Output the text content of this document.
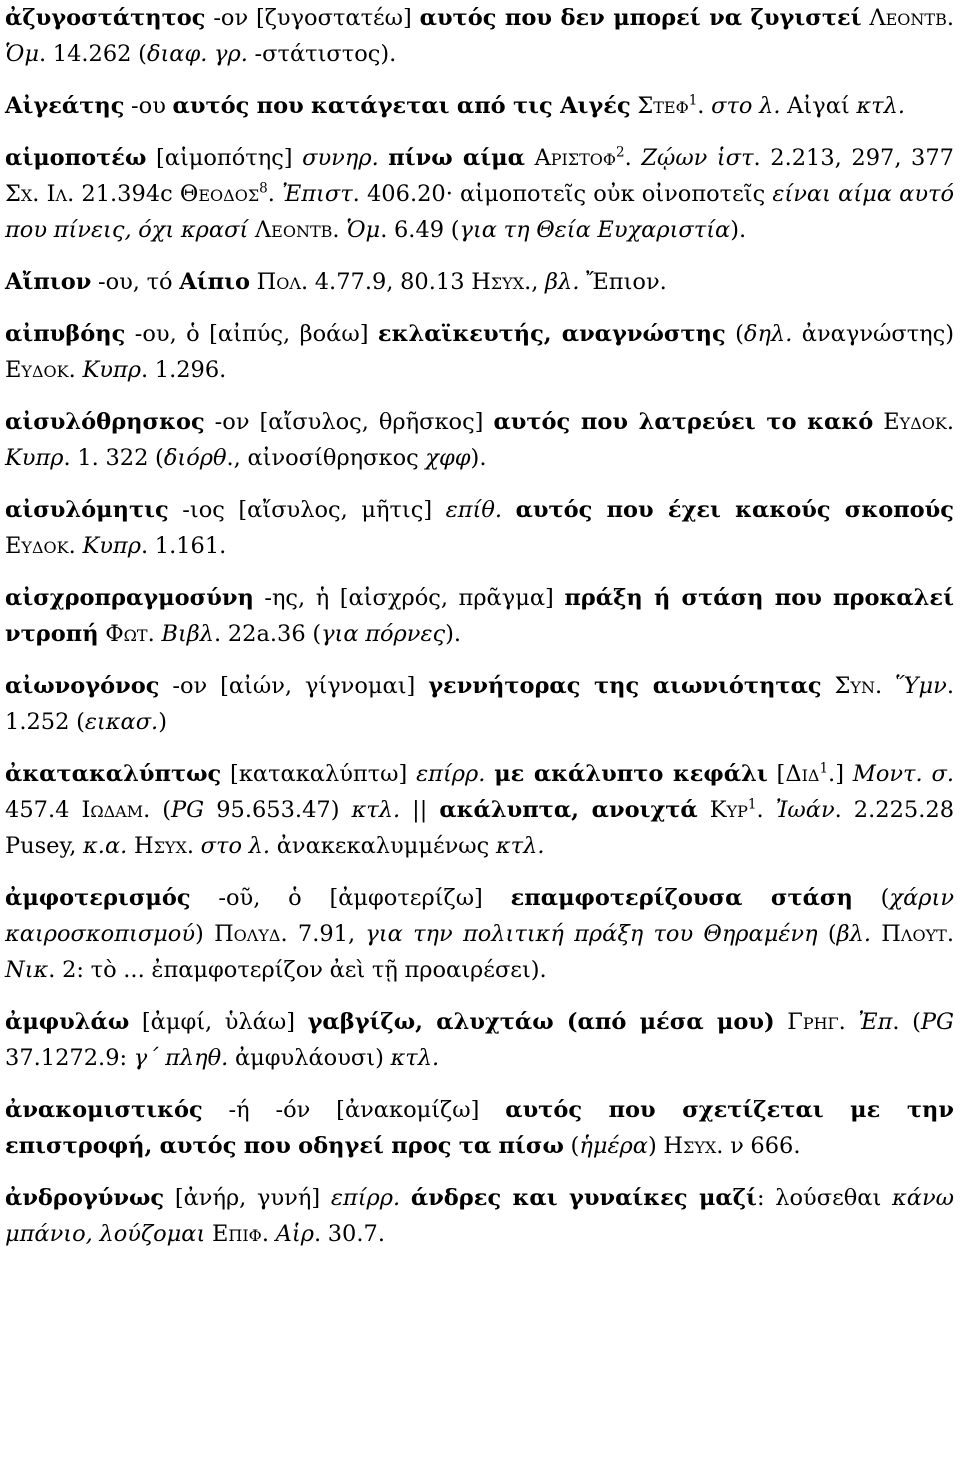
ἀζυγοστάτητος -ον [ζυγοστατέω] αυτός που δεν μπορεί να ζυγιστεί Λεοντβ. Ὁμ. 14.262 (διαφ. γρ. -στάτιστος).

Αἰγεάτης -ου αυτός που κατάγεται από τις Αιγές Στεφ$^1$. στο λ. Αἰγαί κτλ.

αἱμοποτέω [αἱμοπότης] συνηρ. πίνω αίμα Αριστοφ$^2$. Ζῴων ἱστ. 2.213, 297, 377 Σχ. Ιλ. 21.394c Θεοδοσ$^8$. Ἐπιστ. 406.20· αἱμοποτεῖς οὐκ οἰνοποτεῖς είναι αίμα αυτό που πίνεις, όχι κρασί Λεοντβ. Ὁμ. 6.49 (για τη Θεία Ευχαριστία).

Αἴπιον -ου, τό Αίπιο Πολ. 4.77.9, 80.13 Ησυχ., βλ. Ἔπιον.

αἰπυβόης -ου, ὁ [αἰπύς, βοάω] εκλαϊκευτής, αναγνώστης (δηλ. ἀναγνώστης) Ευδοκ. Κυπρ. 1.296.

αἰσυλόθρησκος -ον [αἴσυλος, θρῆσκος] αυτός που λατρεύει το κακό Ευδοκ. Κυπρ. 1. 322 (διόρθ., αἰνοσίθρησκος χφφ).

αἰσυλόμητις -ιος [αἴσυλος, μῆτις] επίθ. αυτός που έχει κακούς σκοπούς Ευδοκ. Κυπρ. 1.161.

αἰσχροπραγμοσύνη -ης, ἡ [αἰσχρός, πρᾶγμα] πράξη ή στάση που προκαλεί ντροπή Φωτ. Βιβλ. 22a.36 (για πόρνες).

αἰωνογόνος -ον [αἰών, γίγνομαι] γεννήτορας της αιωνιότητας Συν. Ὕμν. 1.252 (εικασ.)

ἀκατακαλύπτως [κατακαλύπτω] επίρρ. με ακάλυπτο κεφάλι [Διδ$^1$.] Μοντ. σ. 457.4 Ιωδαμ. (PG 95.653.47) κτλ. || ακάλυπτα, ανοιχτά Κυρ$^1$. Ἰωάν. 2.225.28 Pusey, κ.α. Ησυχ. στο λ. ἀνακεκαλυμμένως κτλ.

ἀμφοτερισμός -οῦ, ὁ [ἀμφοτερίζω] επαμφοτερίζουσα στάση (χάριν καιροσκοπισμού) Πολυδ. 7.91, για την πολιτική πράξη του Θηραμένη (βλ. Πλουτ. Νικ. 2: τὸ ... ἐπαμφοτερίζον ἀεὶ τῇ προαιρέσει).

ἀμφυλάω [ἀμφί, ὑλάω] γαβγίζω, αλυχτάω (από μέσα μου) Γρηγ. Ἐπ. (PG 37.1272.9: γ΄ πληθ. ἀμφυλάουσι) κτλ.

ἀνακομιστικός -ή -όν [ἀνακομίζω] αυτός που σχετίζεται με την επιστροφή, αυτός που οδηγεί προς τα πίσω (ἡμέρα) Ησυχ. ν 666.

ἀνδρογύνως [ἀνήρ, γυνή] επίρρ. άνδρες και γυναίκες μαζί: λούσεθαι κάνω μπάνιο, λούζομαι Επιφ. Αἱρ. 30.7.
